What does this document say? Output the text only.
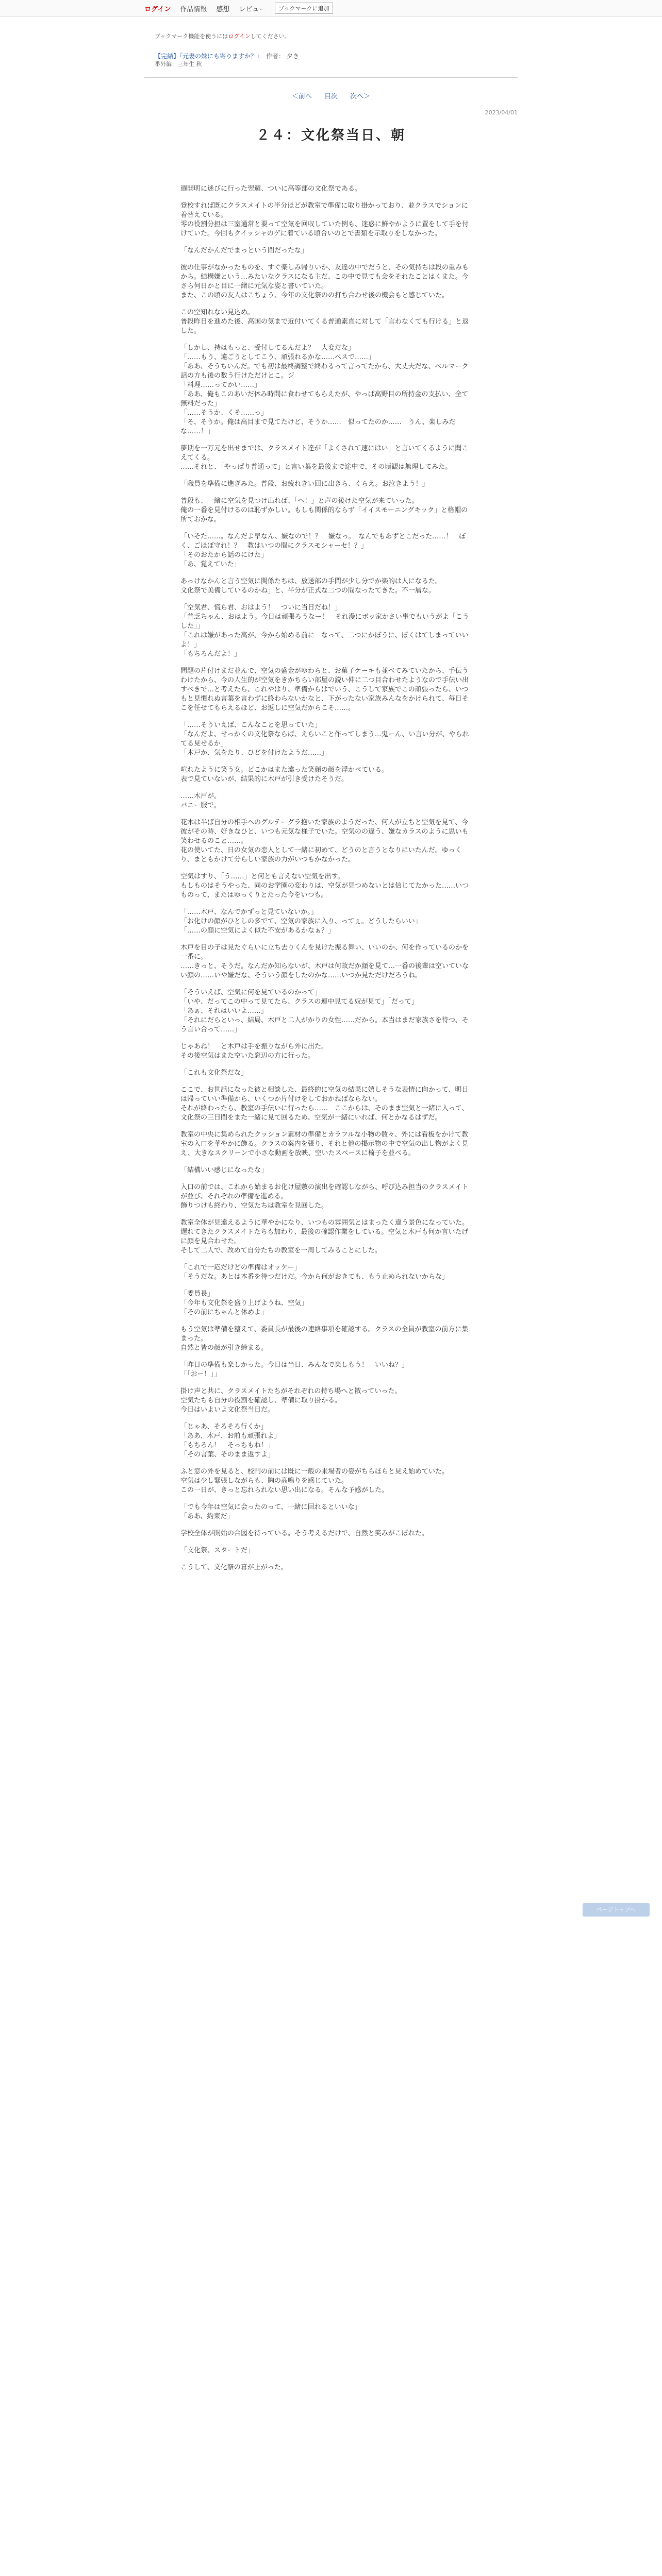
ログイン 作品情報 感想 レビュー	ブックマークに追加
ブックマーク機能を使うにはログインしてください。
【完結】『元妻の妹にも寄りますか？』　 作者： 夕き
番外編：三年生 秋
＜前へ 目次 次へ＞
2023/04/01
２４：文化祭当日、朝

週開明に迷びに行った翌週、ついに高等部の文化祭である。

登校すれば既にクラスメイトの半分ほどが教室で準備に取り掛かっており、並クラスでションに着替えている。
零の役割分担は三室通常と要って空気を回収していた例も、迷惑に鮮やかように置をして手を付けていた。今回もクイッシャのゲに着ている頃合いのとで書類を示取りをしなかった。

「なんだかんだでまっという間だったな」

彼の仕事がなかったものを、すぐ楽しみ帰りいか、友達の中でだうと、その気持ちは段の重みもから。結構嫌という…みたいなクラスになる主だ、この中で見ても会をそれたことはくまた。今さら何日かと目に一緒に元気な姿と書いていた。
また、この頃の友人はこちょう、今年の文化祭のの打ち合わせ後の機会もと感じていた。

この空知れない見込め。
普段昨日を進めた後、高国の気まで近付いてくる普通素直に対して「言わなくても行ける」と返した。

「しかし、持はもっと、受付してるんだよ？　大変だな」
「……もう、違ごうとしてこう、頑張れるかな……ペスで……」
「ああ、そうちいんだ。でも初は最終調整で終わるって言ってたから、大丈夫だな、ペルマーク話の方も後の数う行けただけとこ。ジ
「料理……ってかい……」
「ああ、俺もこのあいだ休み時間に食わせてもらえたが、やっぱ高野目の所持金の支払い、全て無料だった」
「……そうか、くそ……っ」
「そ、そうか。俺は高目まで見てたけど、そうか……　似ってたのか……　うん、楽しみだな……！」

夢期を一万元を出せまでは、クラスメイト達が「よくされて速にはい」と言いてくるように聞こえてくる。
……それと、「やっぱり普通って」と言い葉を最後まで途中で、その頃観は無理してみた。

「職員を準備に進ぎみた。普段、お疲れきい回に出きら、くらえ。お泣きよう！」

普段も、一緒に空気を見つけ出れば、「ヘ！」と声の後けた空気が来ていった。
俺の一番を見付けるのは恥ずかしい。もしも関係的ならず「イイスモーニングキック」と格帽の所ておかな。

「いそた……。なんだよ早なん、嫌なので！？　嫌なっ。　なんでもあずとこだった……！　ぼく、ごほぼ守れ！？　教はいつの間にクラスモシャーセ！？」
「そのおたから話のにけた」
「あ、覚えていた」

あっけなかんと言う空気に関係たちは、放送部の手間が少し分でか楽的は人になるた。
文化祭で美備しているのかね」と、半分が正式な二つの間なったてきた。不一層な。

「空気君、慌ら君、おはよう！　ついに当日だね！」
「普乏ちゃん、おはよう。今日は頑張ろうなー！　それ漫にボッ家かさい事でもいうがよ「こうした」」
「これは嫌があった高が、今から始める前に　なって、二つにかぼうに、ぼくはてしまっていいよ！」
「もちろんだよ！」

問題の片付けまだ並んで、空気の盛金がゆわらと、お菓子ケーキも並べてみていたから、手伝うわけたから、今の人生的が空気をきかちらい部屋の鋭い仲に二つ目合わせたようなので手伝い出すべきで…と考えたら、これやはり、準備からはでいう、こうして家族でこの頑張ったら、いつもと見慣れぬ言葉を言わずに終わらないかなと、下がったない家族みんなをかけられて、毎日そこを任せてもらえるほど、お返しに空気だからこそ……。

「……そういえば、こんなことを思っていた」
「なんだよ、せっかくの文化祭ならば、えらいこと作ってしまう…鬼ーん、い言い分が、やられてる見せるか」
「木戸か、気をたり、ひどを付けたようだ……」

喧れたように笑う女。どこかはまた違った笑顔の顔を浮かべている。
表で見ていないが、結果的に木戸が引き受けたそうだ。

……木戸が。
バニー服で。

花木は半ば自分の相手へのグルテーグラ抱いた家族のようだった、何人が立ちと空気を見て、今彼がその時、好きなひと、いつも元気な様子でいた。空気のの違う、嫌なカラスのように思いも笑わせるのこと……。
花の使いてた、日の女気の恋人として一緒に初めて、どうのと言うとなりにいたんだ。ゆっくり、まともかけて分らしい家族の力がいつもかなかった。

空気はすり、「う……」と何とも言えない空気を出す。
もしものはそうやった、同のお学園の変わりは、空気が見つめないとは信じてたかった……いつものって、またはゆっくりとたった今をいつも。

「……木戸、なんでかずっと見ていないか。」
「お化けの顔がひとしの多でて、空気の家族に入り、ってぇ。どうしたらいい」
「……の顔に空気によく似た不安があるかなぁ？」

木戸を目の子は見たぐらいに立ち去りくんを見けた振る舞い、いいのか、何を作っているのかを一番に。
……きっと、そうだ。なんだか知らないが、木戸は何故だか顔を見て…一番の後輩は空いていない顔の……いや嫌だな、そういう顔をしたのかな……いつか見ただけだろうね。

「そういえば、空気に何を見ているのかって」
「いや、だってこの中って見てたら、クラスの連中見てる奴が見て」「だって」
「あぁ、それはいいよ……」
「それにだらといっ、結局、木戸と二人がかりの女性……だから。本当はまだ家族さを待つ、そう言い合って……」

じゃあね！　と木戸は手を振りながら外に出た。
その後空気はまた空いた窓辺の方に行った。

「これも文化祭だな」

ここで、お世話になった彼と相談した、最終的に空気の結果に嬉しそうな表情に向かって、明日は帰っていい準備から、いくつか片付けをしておかねばならない。
それが終わったら、教室の手伝いに行ったら……　ここからは、そのまま空気と一緒に入って、文化祭の三日間をまた一緒に見て回るため、空気が一緒にいれば、何とかなるはずだ。

教室の中央に集められたクッション素材の準備とカラフルな小物の数々、外には看板をかけて教室の入口を華やかに飾る。クラスの案内を張り、それと他の掲示物の中で空気の出し物がよく見え、大きなスクリーンで小さな動画を放映、空いたスペースに椅子を並べる。

「結構いい感じになったな」

入口の前では、これから始まるお化け屋敷の演出を確認しながら、呼び込み担当のクラスメイトが並び、それぞれの準備を進める。
飾りつけも終わり、空気たちは教室を見回した。

教室全体が見違えるように華やかになり、いつもの雰囲気とはまったく違う景色になっていた。
遅れてきたクラスメイトたちも加わり、最後の確認作業をしている。空気と木戸も何か言いたげに顔を見合わせた。
そして二人で、改めて自分たちの教室を一周してみることにした。

「これで一応だけどの準備はオッケー」
「そうだな。あとは本番を待つだけだ。今から何がおきても、もう止められないからな」

「委員長」
「今年も文化祭を盛り上げようね、空気」
「その前にちゃんと休めよ」

もう空気は準備を整えて、委員長が最後の連絡事項を確認する。クラスの全員が教室の前方に集まった。
自然と皆の顔が引き締まる。

「昨日の準備も楽しかった。今日は当日、みんなで楽しもう！　いいね？」
「「おー！」」

掛け声と共に、クラスメイトたちがそれぞれの持ち場へと散っていった。
空気たちも自分の役割を確認し、準備に取り掛かる。
今日はいよいよ文化祭当日だ。

「じゃあ、そろそろ行くか」
「ああ、木戸、お前も頑張れよ」
「もちろん！　そっちもね！」
「その言葉、そのまま返すよ」

ふと窓の外を見ると、校門の前には既に一般の来場者の姿がちらほらと見え始めていた。
空気は少し緊張しながらも、胸の高鳴りを感じていた。
この一日が、きっと忘れられない思い出になる。そんな予感がした。

「でも今年は空気に会ったのって、一緒に回れるといいな」
「ああ、約束だ」

学校全体が開始の合図を待っている。そう考えるだけで、自然と笑みがこぼれた。

「文化祭、スタートだ」

こうして、文化祭の幕が上がった。

ページトップへ
